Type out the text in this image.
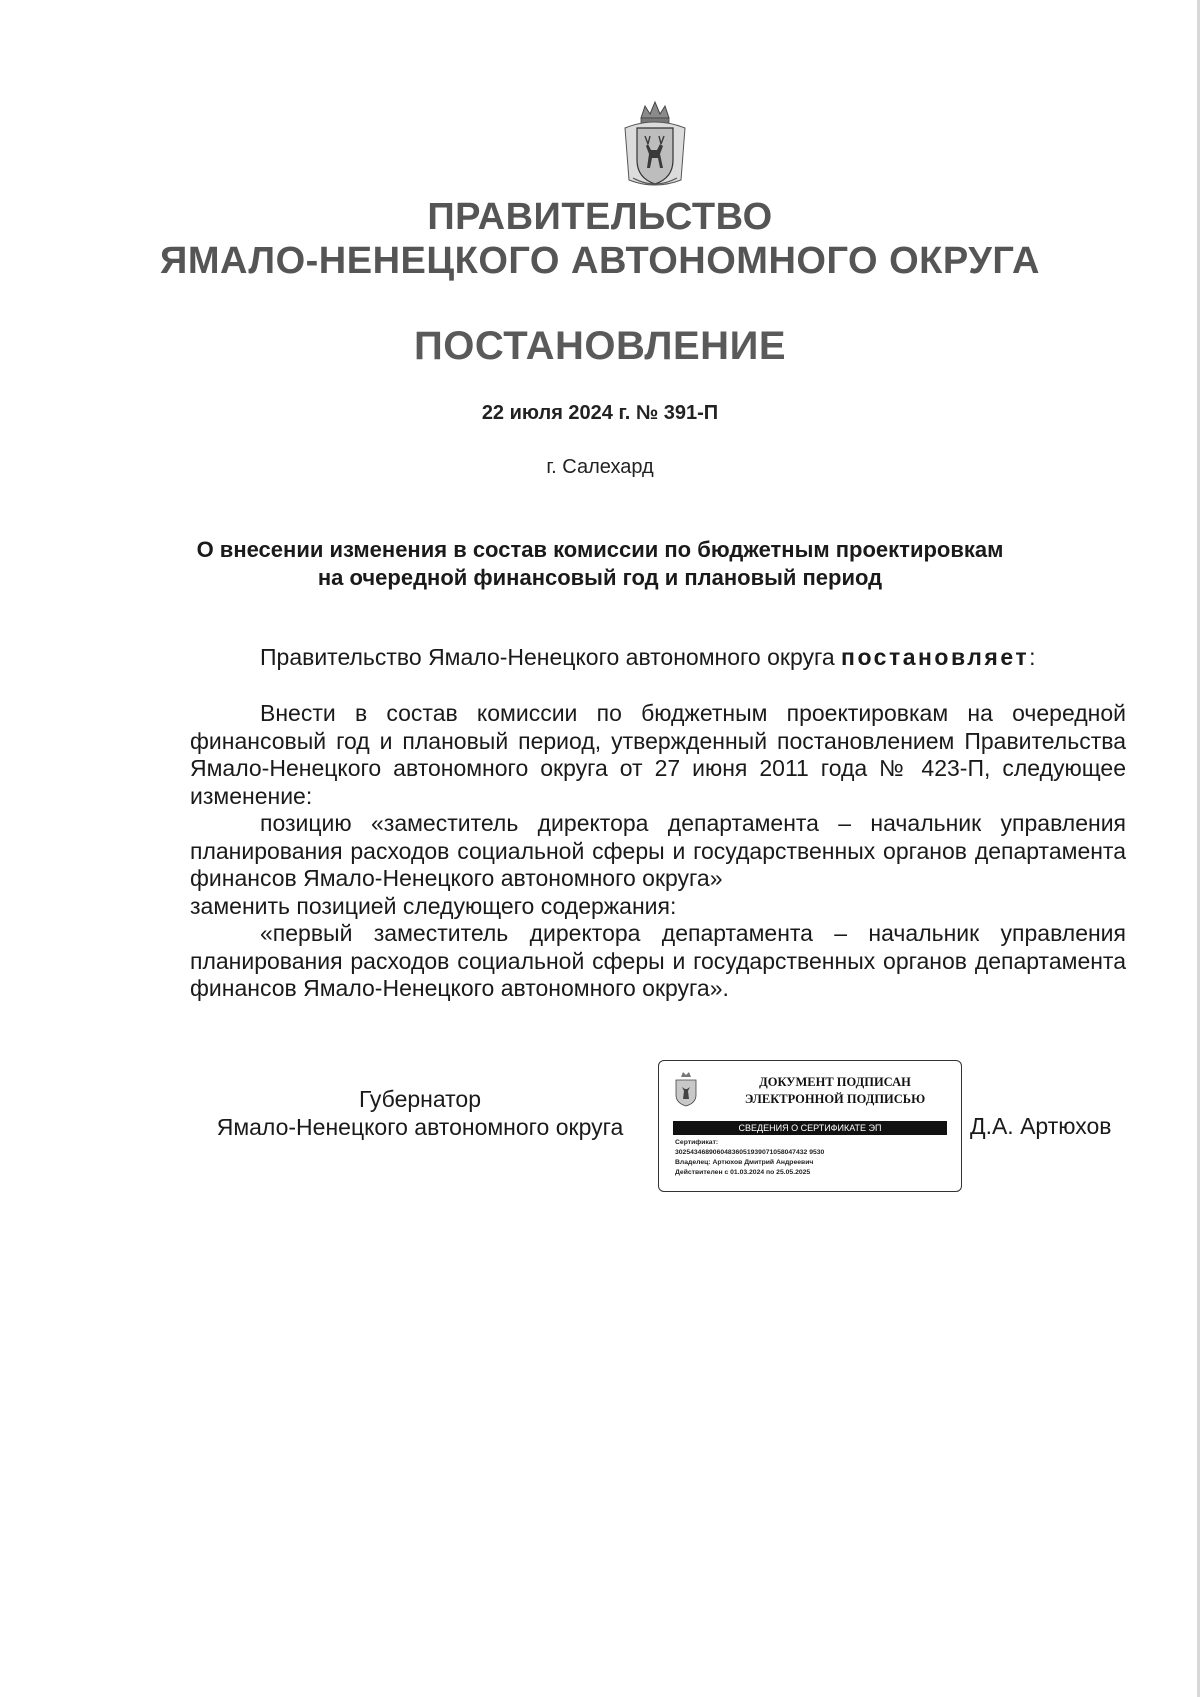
ПРАВИТЕЛЬСТВО
ЯМАЛО-НЕНЕЦКОГО АВТОНОМНОГО ОКРУГА
ПОСТАНОВЛЕНИЕ
22 июля 2024 г. № 391-П
г. Салехард
О внесении изменения в состав комиссии по бюджетным проектировкам
на очередной финансовый год и плановый период

Правительство Ямало-Ненецкого автономного округа постановляет:

Внести в состав комиссии по бюджетным проектировкам на очередной финансовый год и плановый период, утвержденный постановлением Правительства Ямало-Ненецкого автономного округа от 27 июня 2011 года № 423-П, следующее изменение:

позицию «заместитель директора департамента – начальник управления планирования расходов социальной сферы и государственных органов департамента финансов Ямало-Ненецкого автономного округа»

заменить позицией следующего содержания:

«первый заместитель директора департамента – начальник управления планирования расходов социальной сферы и государственных органов департамента финансов Ямало-Ненецкого автономного округа».

Губернатор
Ямало-Ненецкого автономного округа
ДОКУМЕНТ ПОДПИСАН
ЭЛЕКТРОННОЙ ПОДПИСЬЮ
СВЕДЕНИЯ О СЕРТИФИКАТЕ ЭП
Сертификат:
30254346890604836051939071058047432 9530
Владелец: Артюхов Дмитрий Андреевич
Действителен с 01.03.2024 по 25.05.2025
Д.А. Артюхов
